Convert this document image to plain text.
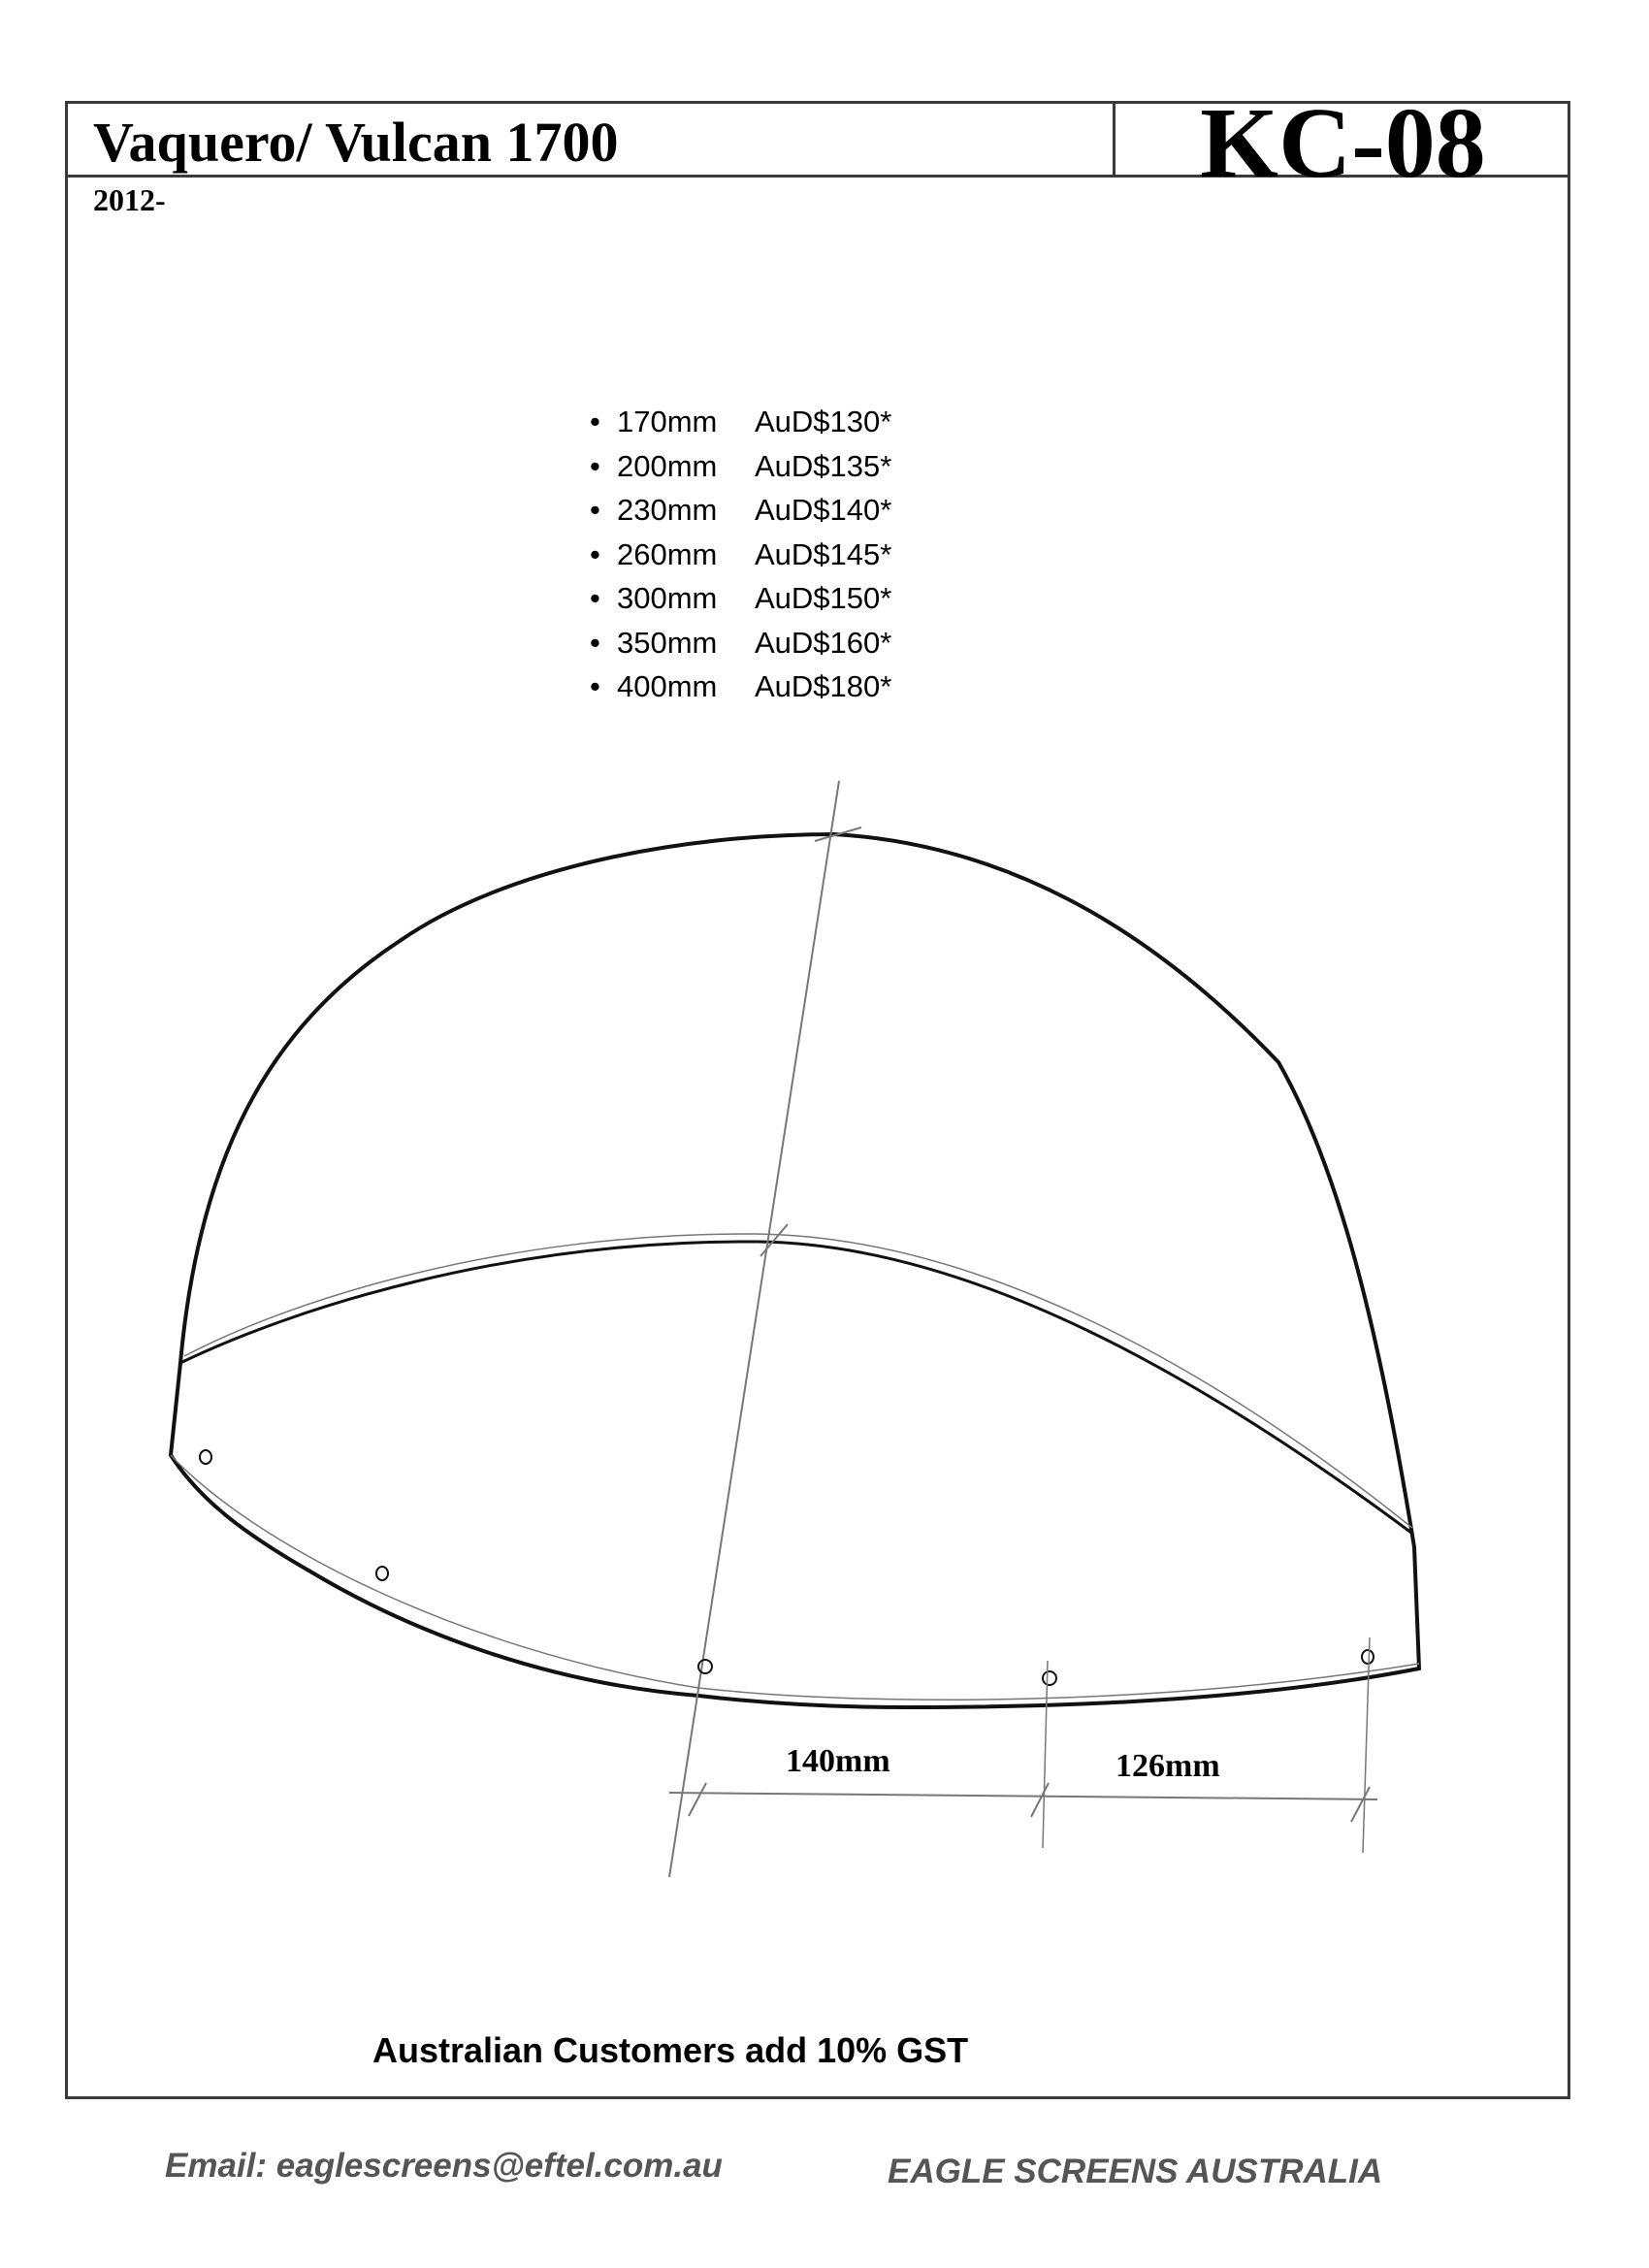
Vaquero/ Vulcan 1700	KC-08
2012-
• 170mm AuD$130*
• 200mm AuD$135*
• 230mm AuD$140*
• 260mm AuD$145*
• 300mm AuD$150*
• 350mm AuD$160*
• 400mm AuD$180*
140mm	126mm
Australian Customers add 10% GST
Email: eaglescreens@eftel.com.au	EAGLE SCREENS AUSTRALIA
